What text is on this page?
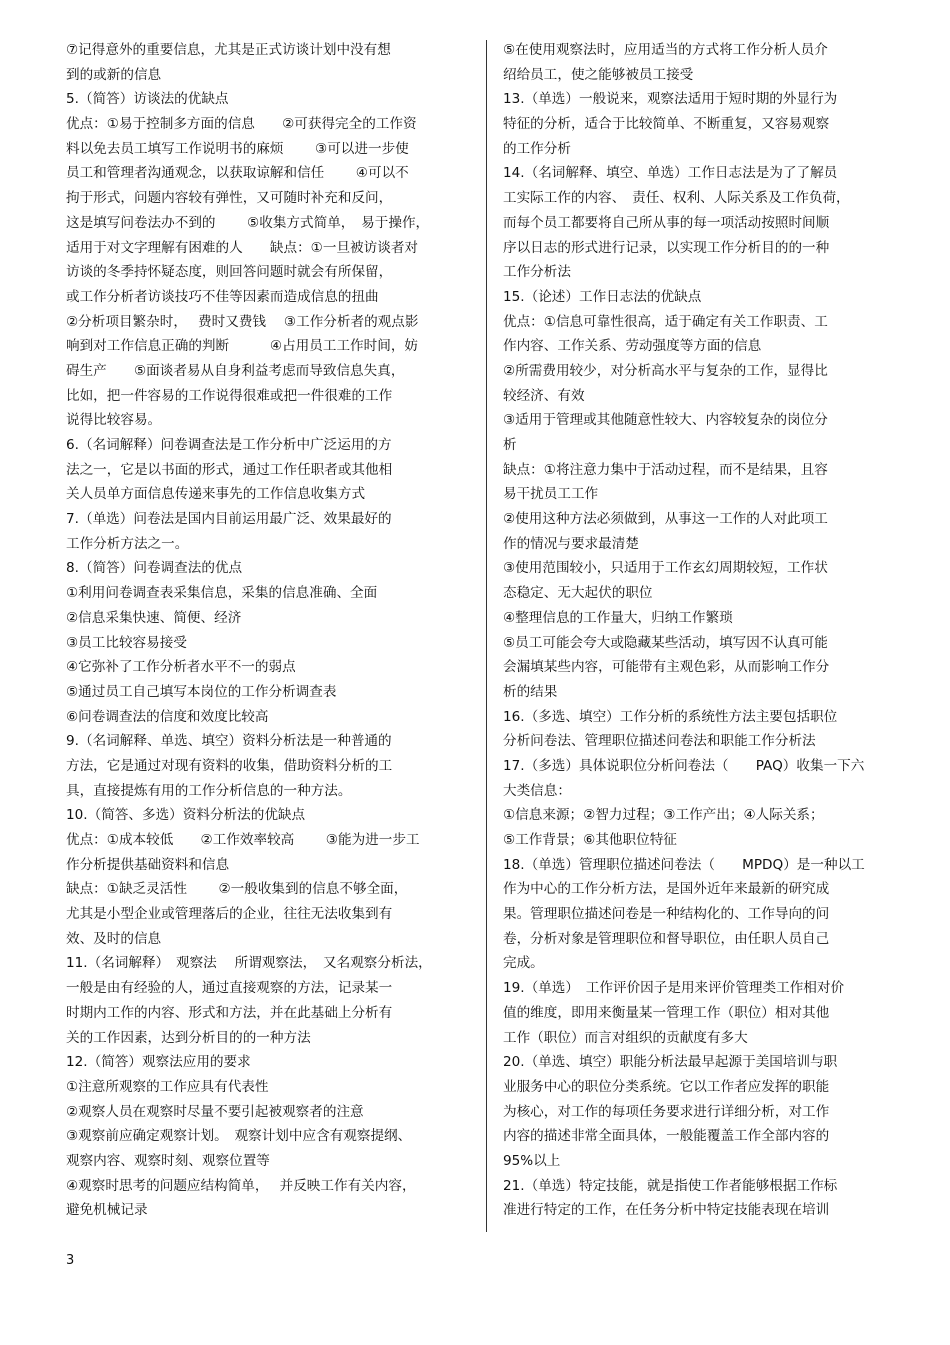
⑦记得意外的重要信息，尤其是正式访谈计划中没有想
到的或新的信息
5.（简答）访谈法的优缺点
优点：①易于控制多方面的信息　　②可获得完全的工作资
料以免去员工填写工作说明书的麻烦　　 ③可以进一步使
员工和管理者沟通观念，以获取谅解和信任　　 ④可以不
拘于形式，问题内容较有弹性，又可随时补充和反问，
这是填写问卷法办不到的　　 ⑤收集方式简单，　易于操作，
适用于对文字理解有困难的人　　缺点：①一旦被访谈者对
访谈的冬季持怀疑态度，则回答问题时就会有所保留，
或工作分析者访谈技巧不佳等因素而造成信息的扭曲
②分析项目繁杂时，　 费时又费钱　 ③工作分析者的观点影
响到对工作信息正确的判断　　　④占用员工工作时间，妨
碍生产　　⑤面谈者易从自身利益考虑而导致信息失真，
比如，把一件容易的工作说得很难或把一件很难的工作
说得比较容易。
6.（名词解释）问卷调查法是工作分析中广泛运用的方
法之一，它是以书面的形式，通过工作任职者或其他相
关人员单方面信息传递来事先的工作信息收集方式
7.（单选）问卷法是国内目前运用最广泛、效果最好的
工作分析方法之一。
8.（简答）问卷调查法的优点
①利用问卷调查表采集信息，采集的信息准确、全面
②信息采集快速、简便、经济
③员工比较容易接受
④它弥补了工作分析者水平不一的弱点
⑤通过员工自己填写本岗位的工作分析调查表
⑥问卷调查法的信度和效度比较高
9.（名词解释、单选、填空）资料分析法是一种普通的
方法，它是通过对现有资料的收集，借助资料分析的工
具，直接提炼有用的工作分析信息的一种方法。
10.（简答、多选）资料分析法的优缺点
优点：①成本较低　　②工作效率较高　　 ③能为进一步工
作分析提供基础资料和信息
缺点：①缺乏灵活性　　 ②一般收集到的信息不够全面，
尤其是小型企业或管理落后的企业，往往无法收集到有
效、及时的信息
11.（名词解释）　观察法　 所谓观察法，　又名观察分析法，
一般是由有经验的人，通过直接观察的方法，记录某一
时期内工作的内容、形式和方法，并在此基础上分析有
关的工作因素，达到分析目的的一种方法
12.（简答）观察法应用的要求
①注意所观察的工作应具有代表性
②观察人员在观察时尽量不要引起被观察者的注意
③观察前应确定观察计划。　观察计划中应含有观察提纲、
观察内容、观察时刻、观察位置等
④观察时思考的问题应结构简单，　 并反映工作有关内容，
避免机械记录
⑤在使用观察法时，应用适当的方式将工作分析人员介
绍给员工，使之能够被员工接受
13.（单选）一般说来，观察法适用于短时期的外显行为
特征的分析，适合于比较简单、不断重复，又容易观察
的工作分析
14.（名词解释、填空、单选）工作日志法是为了了解员
工实际工作的内容、　责任、权利、人际关系及工作负荷，
而每个员工都要将自己所从事的每一项活动按照时间顺
序以日志的形式进行记录，以实现工作分析目的的一种
工作分析法
15.（论述）工作日志法的优缺点
优点：①信息可靠性很高，适于确定有关工作职责、工
作内容、工作关系、劳动强度等方面的信息
②所需费用较少，对分析高水平与复杂的工作，显得比
较经济、有效
③适用于管理或其他随意性较大、内容较复杂的岗位分
析
缺点：①将注意力集中于活动过程，而不是结果，且容
易干扰员工工作
②使用这种方法必须做到，从事这一工作的人对此项工
作的情况与要求最清楚
③使用范围较小，只适用于工作玄幻周期较短，工作状
态稳定、无大起伏的职位
④整理信息的工作量大，归纳工作繁琐
⑤员工可能会夸大或隐藏某些活动，填写因不认真可能
会漏填某些内容，可能带有主观色彩，从而影响工作分
析的结果
16.（多选、填空）工作分析的系统性方法主要包括职位
分析问卷法、管理职位描述问卷法和职能工作分析法
17.（多选）具体说职位分析问卷法（　　PAQ）收集一下六
大类信息：
①信息来源；②智力过程；③工作产出；④人际关系；
⑤工作背景；⑥其他职位特征
18.（单选）管理职位描述问卷法（　　MPDQ）是一种以工
作为中心的工作分析方法，是国外近年来最新的研究成
果。管理职位描述问卷是一种结构化的、工作导向的问
卷，分析对象是管理职位和督导职位，由任职人员自己
完成。
19.（单选）　工作评价因子是用来评价管理类工作相对价
值的维度，即用来衡量某一管理工作（职位）相对其他
工作（职位）而言对组织的贡献度有多大
20.（单选、填空）职能分析法最早起源于美国培训与职
业服务中心的职位分类系统。它以工作者应发挥的职能
为核心，对工作的每项任务要求进行详细分析，对工作
内容的描述非常全面具体，一般能覆盖工作全部内容的
95%以上
21.（单选）特定技能，就是指使工作者能够根据工作标
准进行特定的工作，在任务分析中特定技能表现在培训
3
